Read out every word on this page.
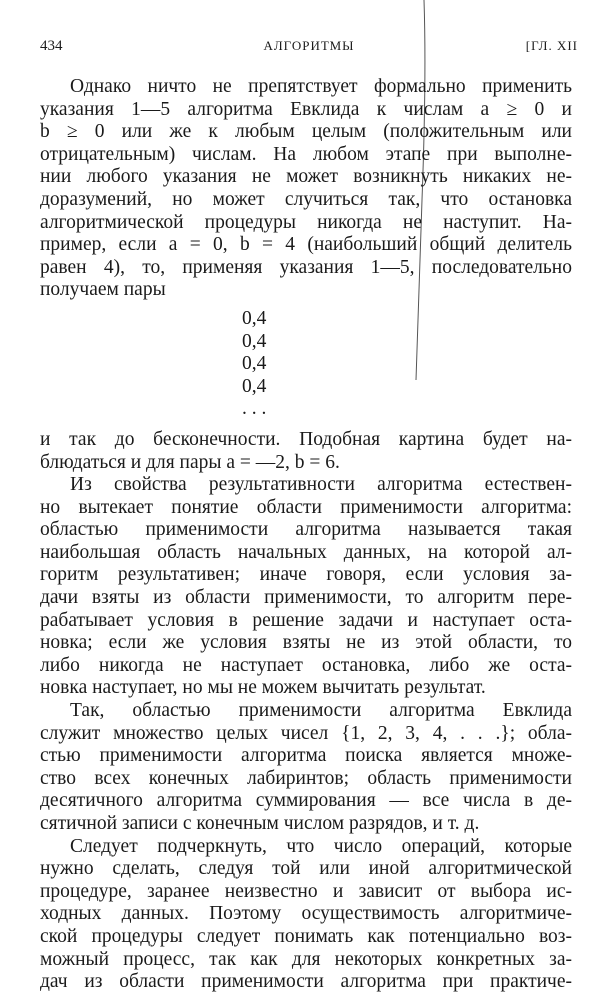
434	АЛГОРИТМЫ	[ГЛ. XII
Однако ничто не препятствует формально применить
указания 1—5 алгоритма Евклида к числам a ≥ 0 и
b ≥ 0 или же к любым целым (положительным или
отрицательным) числам. На любом этапе при выполне-
нии любого указания не может возникнуть никаких не-
доразумений, но может случиться так, что остановка
алгоритмической процедуры никогда не наступит. На-
пример, если a = 0, b = 4 (наибольший общий делитель
равен 4), то, применяя указания 1—5, последовательно
получаем пары
0,4
0,4
0,4
0,4
. . .
и так до бесконечности. Подобная картина будет на-
блюдаться и для пары a = —2, b = 6.
Из свойства результативности алгоритма естествен-
но вытекает понятие области применимости алгоритма:
областью применимости алгоритма называется такая
наибольшая область начальных данных, на которой ал-
горитм результативен; иначе говоря, если условия за-
дачи взяты из области применимости, то алгоритм пере-
рабатывает условия в решение задачи и наступает оста-
новка; если же условия взяты не из этой области, то
либо никогда не наступает остановка, либо же оста-
новка наступает, но мы не можем вычитать результат.
Так, областью применимости алгоритма Евклида
служит множество целых чисел {1, 2, 3, 4, . . .}; обла-
стью применимости алгоритма поиска является множе-
ство всех конечных лабиринтов; область применимости
десятичного алгоритма суммирования — все числа в де-
сятичной записи с конечным числом разрядов, и т. д.
Следует подчеркнуть, что число операций, которые
нужно сделать, следуя той или иной алгоритмической
процедуре, заранее неизвестно и зависит от выбора ис-
ходных данных. Поэтому осуществимость алгоритмиче-
ской процедуры следует понимать как потенциально воз-
можный процесс, так как для некоторых конкретных за-
дач из области применимости алгоритма при практиче-
